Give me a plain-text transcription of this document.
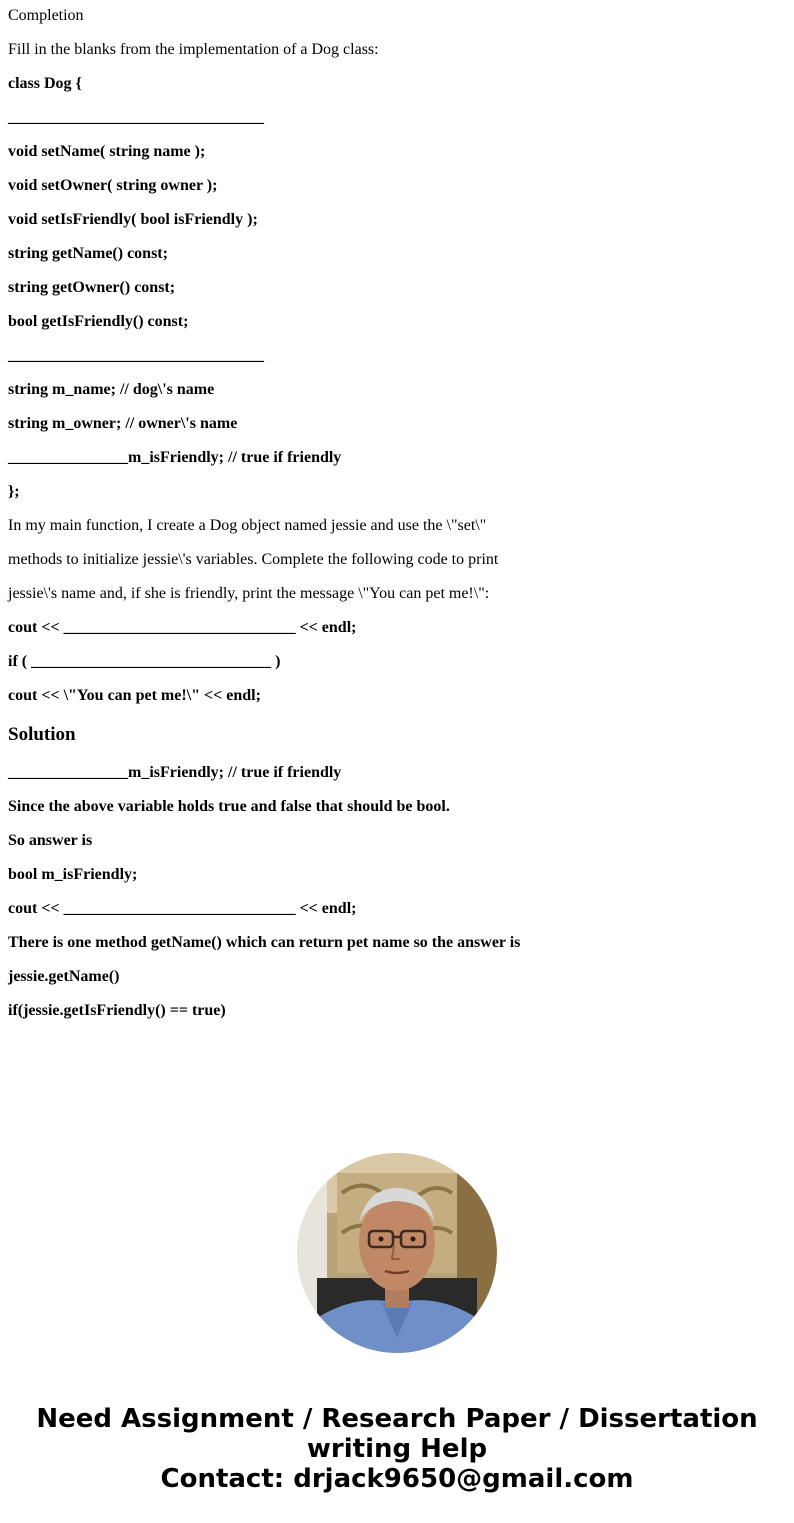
Completion
Fill in the blanks from the implementation of a Dog class:
class Dog {
________________________________
void setName( string name );
void setOwner( string owner );
void setIsFriendly( bool isFriendly );
string getName() const;
string getOwner() const;
bool getIsFriendly() const;
________________________________
string m_name; // dog\'s name
string m_owner; // owner\'s name
_______________m_isFriendly; // true if friendly
};
In my main function, I create a Dog object named jessie and use the \"set\"
methods to initialize jessie\'s variables. Complete the following code to print
jessie\'s name and, if she is friendly, print the message \"You can pet me!\":
cout << _____________________________ << endl;
if ( ______________________________ )
cout << \"You can pet me!\" << endl;
Solution
_______________m_isFriendly; // true if friendly
Since the above variable holds true and false that should be bool.
So answer is
bool m_isFriendly;
cout << _____________________________ << endl;
There is one method getName() which can return pet name so the answer is
jessie.getName()
if(jessie.getIsFriendly() == true)
Need Assignment / Research Paper / Dissertation
writing Help
Contact: drjack9650@gmail.com
